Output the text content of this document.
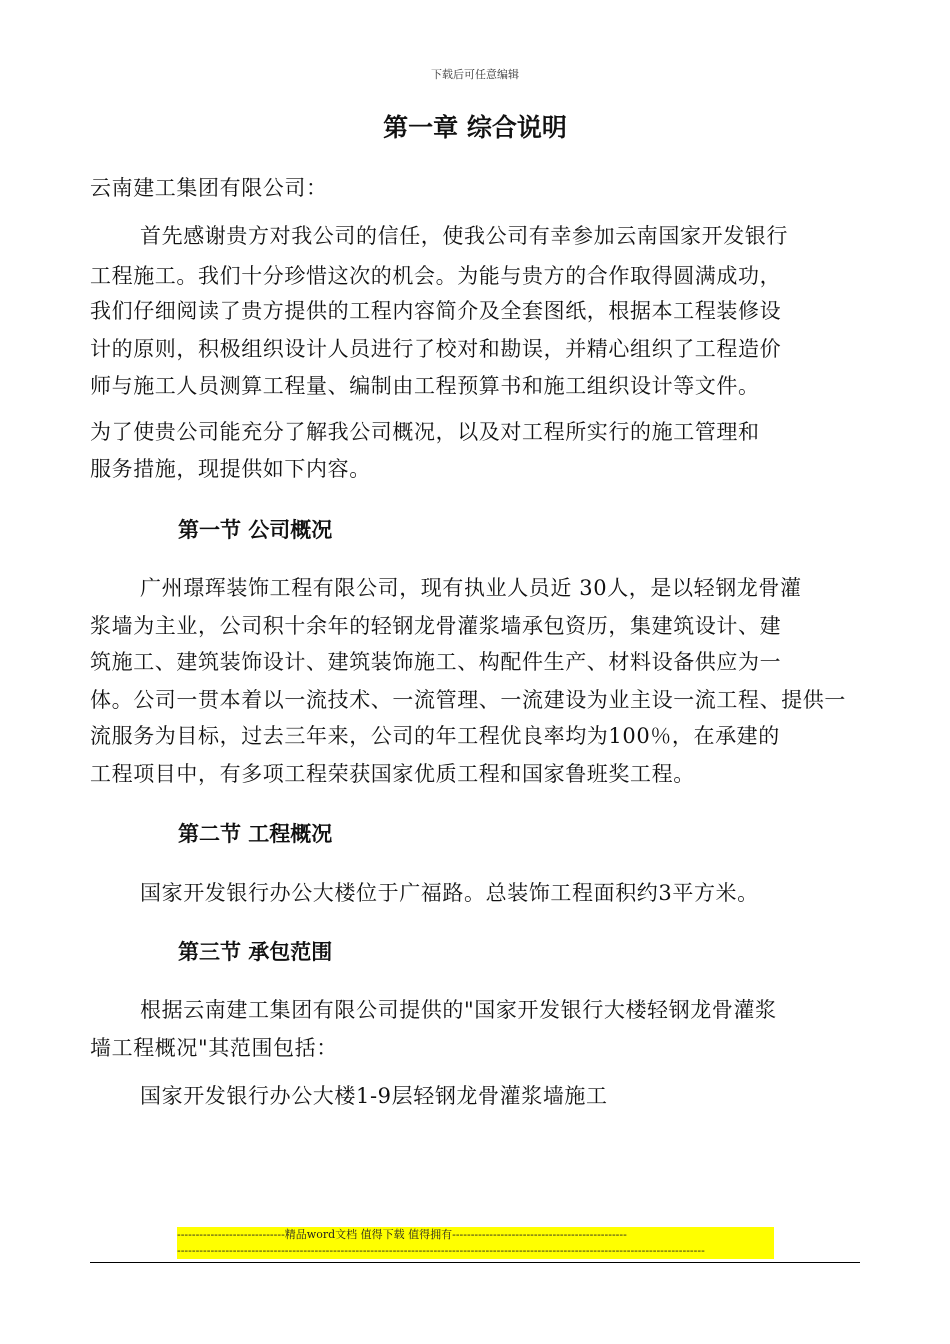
下载后可任意编辑
第一章 综合说明
云南建工集团有限公司：
首先感谢贵方对我公司的信任，使我公司有幸参加云南国家开发银行
工程施工。我们十分珍惜这次的机会。为能与贵方的合作取得圆满成功，
我们仔细阅读了贵方提供的工程内容简介及全套图纸，根据本工程装修设
计的原则，积极组织设计人员进行了校对和勘误，并精心组织了工程造价
师与施工人员测算工程量、编制由工程预算书和施工组织设计等文件。
为了使贵公司能充分了解我公司概况，以及对工程所实行的施工管理和
服务措施，现提供如下内容。
第一节 公司概况
广州璟珲装饰工程有限公司，现有执业人员近 30人，是以轻钢龙骨灌
浆墙为主业，公司积十余年的轻钢龙骨灌浆墙承包资历，集建筑设计、建
筑施工、建筑装饰设计、建筑装饰施工、构配件生产、材料设备供应为一
体。公司一贯本着以一流技术、一流管理、一流建设为业主设一流工程、提供一
流服务为目标，过去三年来，公司的年工程优良率均为100％，在承建的
工程项目中，有多项工程荣获国家优质工程和国家鲁班奖工程。
第二节 工程概况
国家开发银行办公大楼位于广福路。总装饰工程面积约3平方米。
第三节 承包范围
根据云南建工集团有限公司提供的"国家开发银行大楼轻钢龙骨灌浆
墙工程概况"其范围包括：
国家开发银行办公大楼1-9层轻钢龙骨灌浆墙施工
-----------------------------精品word文档 值得下载 值得拥有-----------------------------------------------
----------------------------------------------------------------------------------------------------------------------------------------------
